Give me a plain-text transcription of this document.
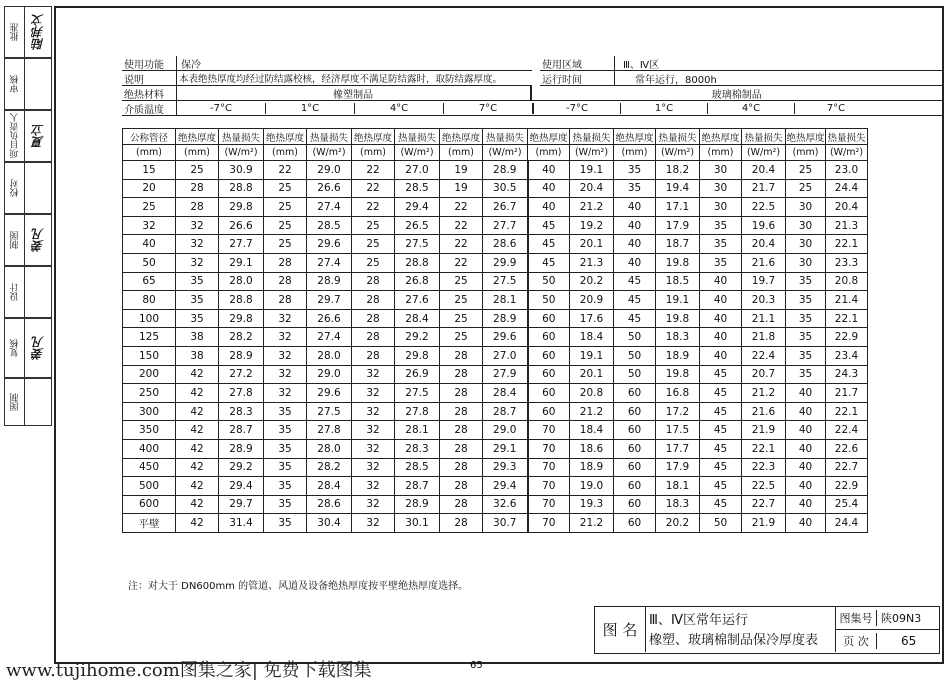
批准 陆邦文
审核
项目负责人 夏立
校对
制图 姜凡
设计
复核 姜凡
图制
使用功能	保冷	使用区域	Ⅲ、Ⅳ区
说明	本表绝热厚度均经过防结露校核，经济厚度不满足防结露时，取防结露厚度。	运行时间	常年运行，8000h
绝热材料	橡塑制品	玻璃棉制品
介质温度	-7°C	1°C	4°C	7°C	-7°C	1°C	4°C	7°C
公称管径	绝热厚度	热量损失	绝热厚度	热量损失	绝热厚度	热量损失	绝热厚度	热量损失	绝热厚度	热量损失	绝热厚度	热量损失	绝热厚度	热量损失	绝热厚度	热量损失
(mm)	(mm)	(W/m²)	(mm)	(W/m²)	(mm)	(W/m²)	(mm)	(W/m²)	(mm)	(W/m²)	(mm)	(W/m²)	(mm)	(W/m²)	(mm)	(W/m²)
15	25	30.9	22	29.0	22	27.0	19	28.9	40	19.1	35	18.2	30	20.4	25	23.0
20	28	28.8	25	26.6	22	28.5	19	30.5	40	20.4	35	19.4	30	21.7	25	24.4
25	28	29.8	25	27.4	22	29.4	22	26.7	40	21.2	40	17.1	30	22.5	30	20.4
32	32	26.6	25	28.5	25	26.5	22	27.7	45	19.2	40	17.9	35	19.6	30	21.3
40	32	27.7	25	29.6	25	27.5	22	28.6	45	20.1	40	18.7	35	20.4	30	22.1
50	32	29.1	28	27.4	25	28.8	22	29.9	45	21.3	40	19.8	35	21.6	30	23.3
65	35	28.0	28	28.9	28	26.8	25	27.5	50	20.2	45	18.5	40	19.7	35	20.8
80	35	28.8	28	29.7	28	27.6	25	28.1	50	20.9	45	19.1	40	20.3	35	21.4
100	35	29.8	32	26.6	28	28.4	25	28.9	60	17.6	45	19.8	40	21.1	35	22.1
125	38	28.2	32	27.4	28	29.2	25	29.6	60	18.4	50	18.3	40	21.8	35	22.9
150	38	28.9	32	28.0	28	29.8	28	27.0	60	19.1	50	18.9	40	22.4	35	23.4
200	42	27.2	32	29.0	32	26.9	28	27.9	60	20.1	50	19.8	45	20.7	35	24.3
250	42	27.8	32	29.6	32	27.5	28	28.4	60	20.8	60	16.8	45	21.2	40	21.7
300	42	28.3	35	27.5	32	27.8	28	28.7	60	21.2	60	17.2	45	21.6	40	22.1
350	42	28.7	35	27.8	32	28.1	28	29.0	70	18.4	60	17.5	45	21.9	40	22.4
400	42	28.9	35	28.0	32	28.3	28	29.1	70	18.6	60	17.7	45	22.1	40	22.6
450	42	29.2	35	28.2	32	28.5	28	29.3	70	18.9	60	17.9	45	22.3	40	22.7
500	42	29.4	35	28.4	32	28.7	28	29.4	70	19.0	60	18.1	45	22.5	40	22.9
600	42	29.7	35	28.6	32	28.9	28	32.6	70	19.3	60	18.3	45	22.7	40	25.4
平壁	42	31.4	35	30.4	32	30.1	28	30.7	70	21.2	60	20.2	50	21.9	40	24.4
注：对大于 DN600mm 的管道、风道及设备绝热厚度按平壁绝热厚度选择。
图 名
Ⅲ、Ⅳ区常年运行
橡塑、玻璃棉制品保冷厚度表
图集号 陕09N3
页 次	65
65
www.tujihome.com图集之家| 免费下载图集
